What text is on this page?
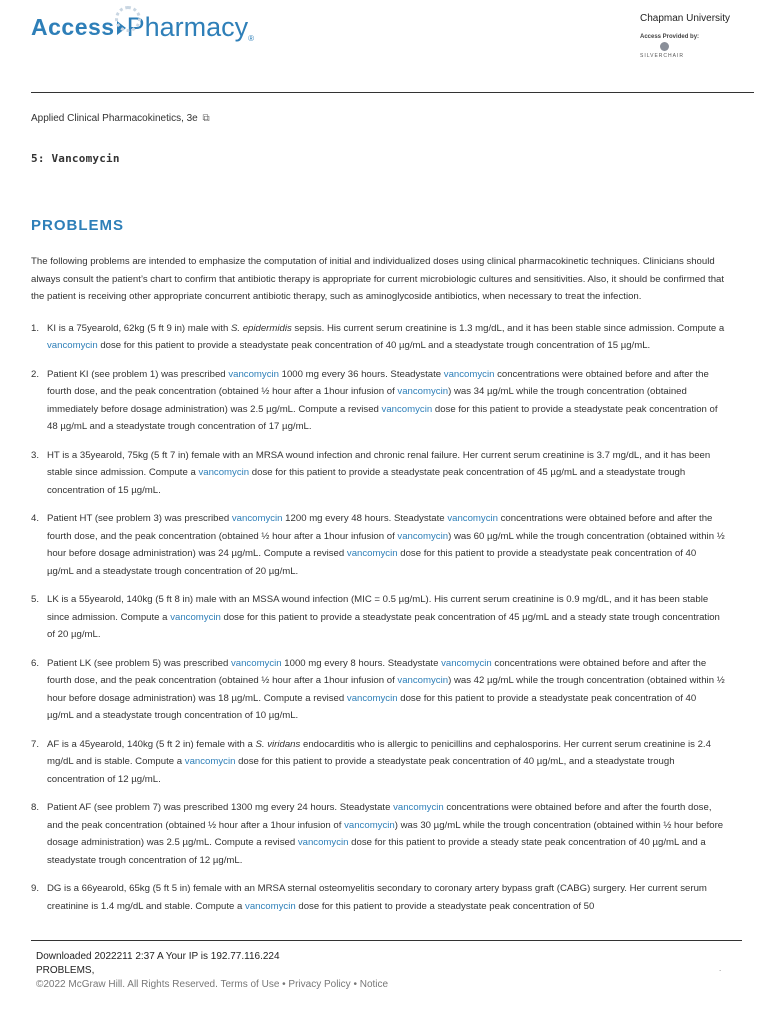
Access Pharmacy®
Chapman University
Access Provided by:
SILVERCHAIR
Applied Clinical Pharmacokinetics, 3e ⧉
5: Vancomycin
PROBLEMS

The following problems are intended to emphasize the computation of initial and individualized doses using clinical pharmacokinetic techniques. Clinicians should always consult the patient’s chart to confirm that antibiotic therapy is appropriate for current microbiologic cultures and sensitivities. Also, it should be confirmed that the patient is receiving other appropriate concurrent antibiotic therapy, such as aminoglycoside antibiotics, when necessary to treat the infection.

1. KI is a 75yearold, 62kg (5 ft 9 in) male with S. epidermidis sepsis. His current serum creatinine is 1.3 mg/dL, and it has been stable since admission. Compute a vancomycin dose for this patient to provide a steadystate peak concentration of 40 µg/mL and a steadystate trough concentration of 15 µg/mL.
2. Patient KI (see problem 1) was prescribed vancomycin 1000 mg every 36 hours. Steadystate vancomycin concentrations were obtained before and after the fourth dose, and the peak concentration (obtained ½ hour after a 1hour infusion of vancomycin) was 34 µg/mL while the trough concentration (obtained immediately before dosage administration) was 2.5 µg/mL. Compute a revised vancomycin dose for this patient to provide a steadystate peak concentration of 48 µg/mL and a steadystate trough concentration of 17 µg/mL.
3. HT is a 35yearold, 75kg (5 ft 7 in) female with an MRSA wound infection and chronic renal failure. Her current serum creatinine is 3.7 mg/dL, and it has been stable since admission. Compute a vancomycin dose for this patient to provide a steadystate peak concentration of 45 µg/mL and a steadystate trough concentration of 15 µg/mL.
4. Patient HT (see problem 3) was prescribed vancomycin 1200 mg every 48 hours. Steadystate vancomycin concentrations were obtained before and after the fourth dose, and the peak concentration (obtained ½ hour after a 1hour infusion of vancomycin) was 60 µg/mL while the trough concentration (obtained within ½ hour before dosage administration) was 24 µg/mL. Compute a revised vancomycin dose for this patient to provide a steadystate peak concentration of 40 µg/mL and a steadystate trough concentration of 20 µg/mL.
5. LK is a 55yearold, 140kg (5 ft 8 in) male with an MSSA wound infection (MIC = 0.5 µg/mL). His current serum creatinine is 0.9 mg/dL, and it has been stable since admission. Compute a vancomycin dose for this patient to provide a steadystate peak concentration of 45 µg/mL and a steady state trough concentration of 20 µg/mL.
6. Patient LK (see problem 5) was prescribed vancomycin 1000 mg every 8 hours. Steadystate vancomycin concentrations were obtained before and after the fourth dose, and the peak concentration (obtained ½ hour after a 1hour infusion of vancomycin) was 42 µg/mL while the trough concentration (obtained within ½ hour before dosage administration) was 18 µg/mL. Compute a revised vancomycin dose for this patient to provide a steadystate peak concentration of 40 µg/mL and a steadystate trough concentration of 10 µg/mL.
7. AF is a 45yearold, 140kg (5 ft 2 in) female with a S. viridans endocarditis who is allergic to penicillins and cephalosporins. Her current serum creatinine is 2.4 mg/dL and is stable. Compute a vancomycin dose for this patient to provide a steadystate peak concentration of 40 µg/mL, and a steadystate trough concentration of 12 µg/mL.
8. Patient AF (see problem 7) was prescribed 1300 mg every 24 hours. Steadystate vancomycin concentrations were obtained before and after the fourth dose, and the peak concentration (obtained ½ hour after a 1hour infusion of vancomycin) was 30 µg/mL while the trough concentration (obtained within ½ hour before dosage administration) was 2.5 µg/mL. Compute a revised vancomycin dose for this patient to provide a steady state peak concentration of 40 µg/mL and a steadystate trough concentration of 12 µg/mL.
9. DG is a 66yearold, 65kg (5 ft 5 in) female with an MRSA sternal osteomyelitis secondary to coronary artery bypass graft (CABG) surgery. Her current serum creatinine is 1.4 mg/dL and stable. Compute a vancomycin dose for this patient to provide a steadystate peak concentration of 50
Downloaded 2022211 2:37 A Your IP is 192.77.116.224
PROBLEMS,
©2022 McGraw Hill. All Rights Reserved. Terms of Use • Privacy Policy • Notice
.
